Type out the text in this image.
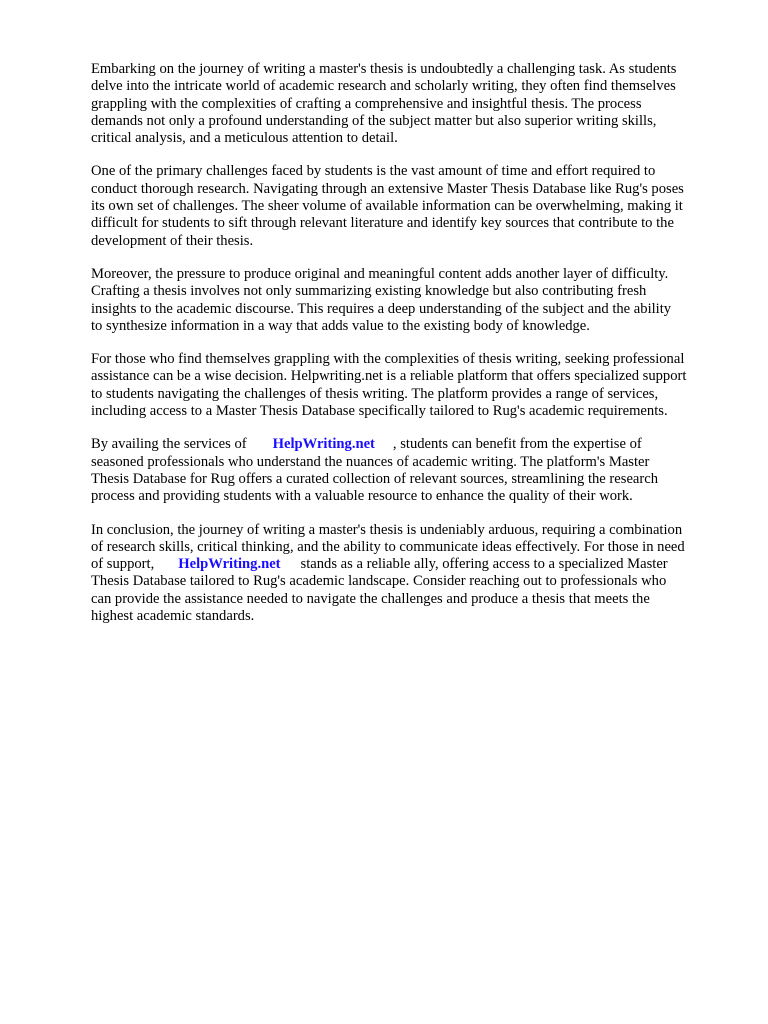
Embarking on the journey of writing a master's thesis is undoubtedly a challenging task. As students
delve into the intricate world of academic research and scholarly writing, they often find themselves
grappling with the complexities of crafting a comprehensive and insightful thesis. The process
demands not only a profound understanding of the subject matter but also superior writing skills,
critical analysis, and a meticulous attention to detail.

One of the primary challenges faced by students is the vast amount of time and effort required to
conduct thorough research. Navigating through an extensive Master Thesis Database like Rug's poses
its own set of challenges. The sheer volume of available information can be overwhelming, making it
difficult for students to sift through relevant literature and identify key sources that contribute to the
development of their thesis.

Moreover, the pressure to produce original and meaningful content adds another layer of difficulty.
Crafting a thesis involves not only summarizing existing knowledge but also contributing fresh
insights to the academic discourse. This requires a deep understanding of the subject and the ability
to synthesize information in a way that adds value to the existing body of knowledge.

For those who find themselves grappling with the complexities of thesis writing, seeking professional
assistance can be a wise decision. Helpwriting.net is a reliable platform that offers specialized support
to students navigating the challenges of thesis writing. The platform provides a range of services,
including access to a Master Thesis Database specifically tailored to Rug's academic requirements.

By availing the services of HelpWriting.net , students can benefit from the expertise of
seasoned professionals who understand the nuances of academic writing. The platform's Master
Thesis Database for Rug offers a curated collection of relevant sources, streamlining the research
process and providing students with a valuable resource to enhance the quality of their work.

In conclusion, the journey of writing a master's thesis is undeniably arduous, requiring a combination
of research skills, critical thinking, and the ability to communicate ideas effectively. For those in need
of support, HelpWriting.net stands as a reliable ally, offering access to a specialized Master
Thesis Database tailored to Rug's academic landscape. Consider reaching out to professionals who
can provide the assistance needed to navigate the challenges and produce a thesis that meets the
highest academic standards.
